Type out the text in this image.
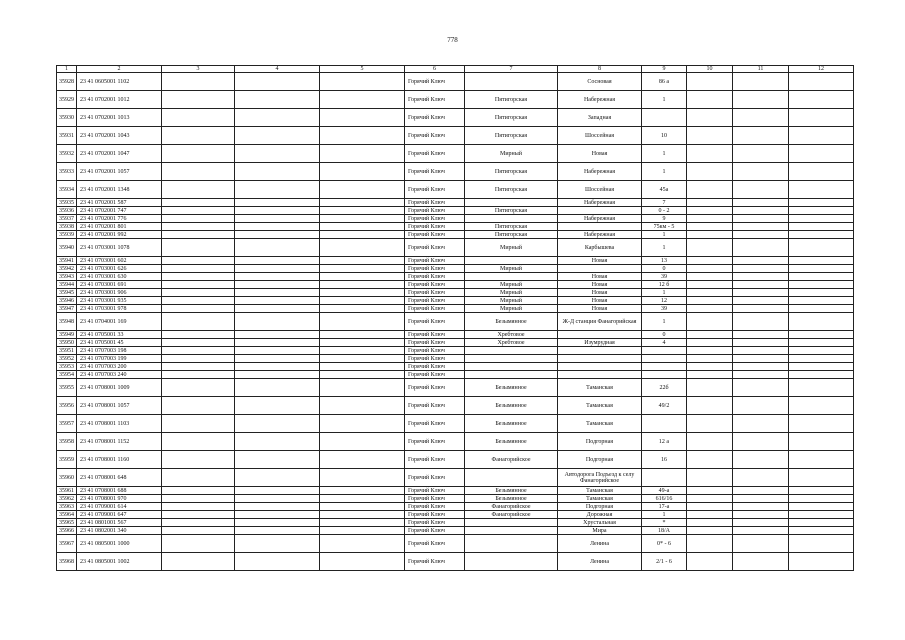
778
1	2	3	4	5	6	7	8	9	10	11	12
35928	23 41 0605001 1102				Горячий Ключ		Сосновая	86 а			
35929	23 41 0702001 1012				Горячий Ключ	Пятигорская	Набережная	1			
35930	23 41 0702001 1013				Горячий Ключ	Пятигорская	Западная				
35931	23 41 0702001 1043				Горячий Ключ	Пятигорская	Шоссейная	10			
35932	23 41 0702001 1047				Горячий Ключ	Мирный	Новая	1			
35933	23 41 0702001 1057				Горячий Ключ	Пятигорская	Набережная	1			
35934	23 41 0702001 1348				Горячий Ключ	Пятигорская	Шоссейная	45а			
35935	23 41 0702001 587				Горячий Ключ		Набережная	7			
35936	23 41 0702001 747				Горячий Ключ	Пятигорская		0 - 2			
35937	23 41 0702001 776				Горячий Ключ		Набережная	9			
35938	23 41 0702001 801				Горячий Ключ	Пятигорская		75км - 5			
35939	23 41 0702001 992				Горячий Ключ	Пятигорская	Набережная	1			
35940	23 41 0703001 1078				Горячий Ключ	Мирный	Карбышева	1			
35941	23 41 0703001 602				Горячий Ключ		Новая	13			
35942	23 41 0703001 626				Горячий Ключ	Мирный		0			
35943	23 41 0703001 630				Горячий Ключ		Новая	39			
35944	23 41 0703001 691				Горячий Ключ	Мирный	Новая	12 б			
35945	23 41 0703001 906				Горячий Ключ	Мирный	Новая	1			
35946	23 41 0703001 935				Горячий Ключ	Мирный	Новая	12			
35947	23 41 0703001 978				Горячий Ключ	Мирный	Новая	39			
35948	23 41 0704001 169				Горячий Ключ	Безымянное	Ж-Д станция Фанагорийская	1			
35949	23 41 0705001 33				Горячий Ключ	Хребтовое		0			
35950	23 41 0705001 45				Горячий Ключ	Хребтовое	Изумрудная	4			
35951	23 41 0707003 198				Горячий Ключ						
35952	23 41 0707003 199				Горячий Ключ						
35953	23 41 0707003 200				Горячий Ключ						
35954	23 41 0707003 240				Горячий Ключ						
35955	23 41 0708001 1009				Горячий Ключ	Безымянное	Таманская	22б			
35956	23 41 0708001 1057				Горячий Ключ	Безымянное	Таманская	49/2			
35957	23 41 0708001 1103				Горячий Ключ	Безымянное	Таманская				
35958	23 41 0708001 1152				Горячий Ключ	Безымянное	Подгорная	12 а			
35959	23 41 0708001 1160				Горячий Ключ	Фанагорийское	Подгорная	16			
35960	23 41 0708001 648				Горячий Ключ		Автодорога Подъезд к селу Фанагорийское				
35961	23 41 0708001 688				Горячий Ключ	Безымянное	Таманская	49-а			
35962	23 41 0708001 970				Горячий Ключ	Безымянное	Таманская	616/16			
35963	23 41 0709001 614				Горячий Ключ	Фанагорийское	Подгорная	17-а			
35964	23 41 0709001 647				Горячий Ключ	Фанагорийское	Дорожная	1			
35965	23 41 0801001 567				Горячий Ключ		Хрустальная	*			
35966	23 41 0802001 340				Горячий Ключ		Мира	18/А			
35967	23 41 0805001 1000				Горячий Ключ		Ленина	0* - 6			
35968	23 41 0805001 1002				Горячий Ключ		Ленина	2/1 - 6			
